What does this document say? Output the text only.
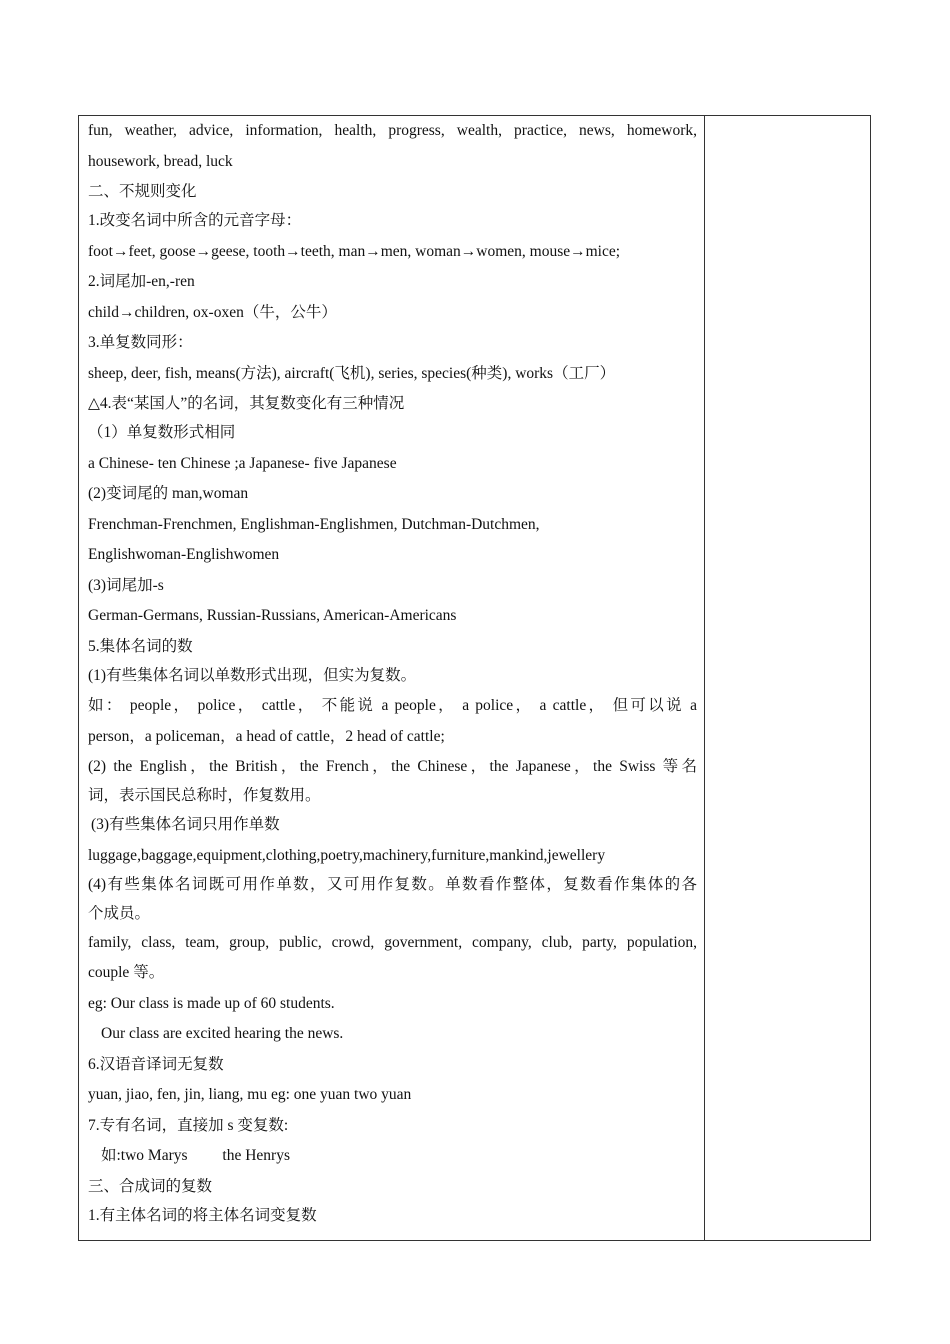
fun, weather, advice, information, health, progress, wealth, practice, news, homework,
housework, bread, luck
二、不规则变化
1.改变名词中所含的元音字母：
foot→feet, goose→geese, tooth→teeth, man→men, woman→women, mouse→mice;
2.词尾加-en,-ren
child→children, ox-oxen（牛，公牛）
3.单复数同形：
sheep, deer, fish, means(方法), aircraft(飞机), series, species(种类), works（工厂）
△4.表“某国人”的名词，其复数变化有三种情况
（1）单复数形式相同
a Chinese- ten Chinese ;a Japanese- five Japanese
(2)变词尾的 man,woman
Frenchman-Frenchmen, Englishman-Englishmen, Dutchman-Dutchmen,
Englishwoman-Englishwomen
(3)词尾加-s
German-Germans, Russian-Russians, American-Americans
5.集体名词的数
(1)有些集体名词以单数形式出现，但实为复数。
如： people， police， cattle， 不能说 a people， a police， a cattle， 但可以说 a
person，a policeman，a head of cattle，2 head of cattle;
(2) the English，the British，the French，the Chinese，the Japanese，the Swiss 等名
词，表示国民总称时，作复数用。
(3)有些集体名词只用作单数
luggage,baggage,equipment,clothing,poetry,machinery,furniture,mankind,jewellery
(4)有些集体名词既可用作单数，又可用作复数。单数看作整体，复数看作集体的各
个成员。
family, class, team, group, public, crowd, government, company, club, party, population,
couple 等。
eg: Our class is made up of 60 students.
Our class are excited hearing the news.
6.汉语音译词无复数
yuan, jiao, fen, jin, liang, mu eg: one yuan two yuan
7.专有名词，直接加 s 变复数:
如:two Marys         the Henrys
三、合成词的复数
1.有主体名词的将主体名词变复数
